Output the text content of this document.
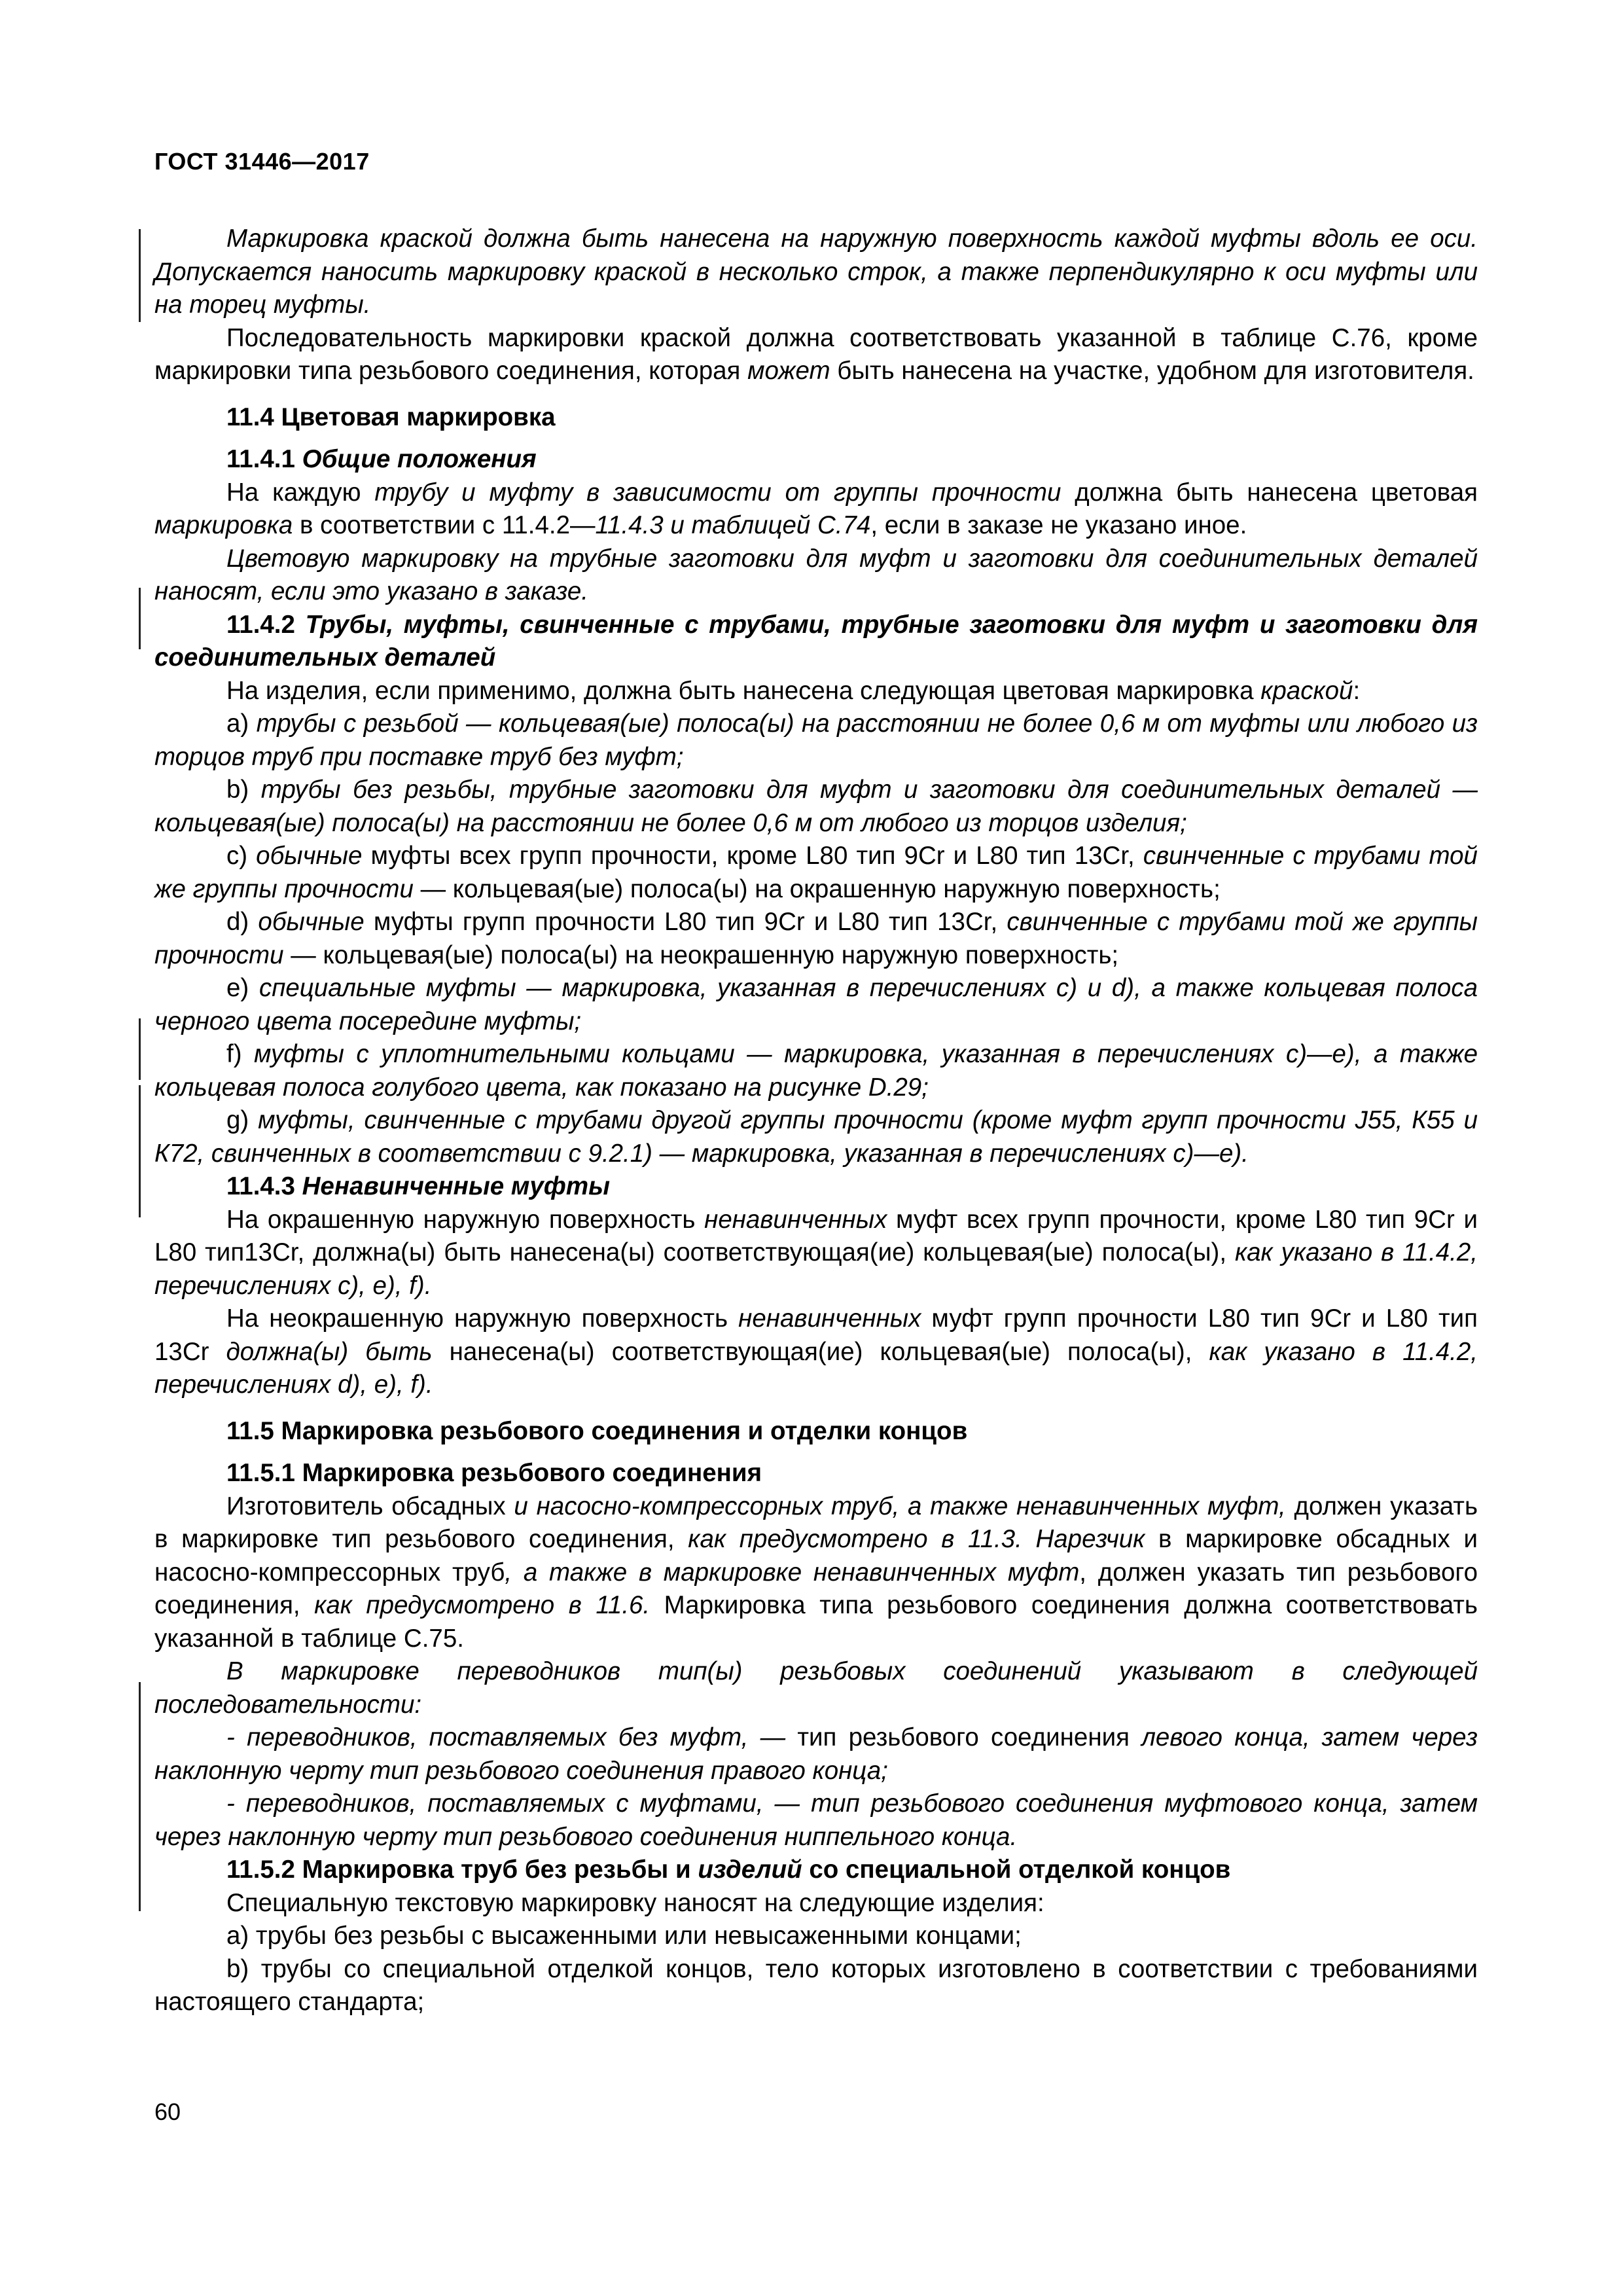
ГОСТ 31446—2017

Маркировка краской должна быть нанесена на наружную поверхность каждой муфты вдоль ее оси. Допускается наносить маркировку краской в несколько строк, а также перпендикулярно к оси муфты или на торец муфты.

Последовательность маркировки краской должна соответствовать указанной в таблице С.76, кроме маркировки типа резьбового соединения, которая может быть нанесена на участке, удобном для изготовителя.

11.4 Цветовая маркировка

11.4.1 Общие положения

На каждую трубу и муфту в зависимости от группы прочности должна быть нанесена цветовая маркировка в соответствии с 11.4.2—11.4.3 и таблицей С.74, если в заказе не указано иное.

Цветовую маркировку на трубные заготовки для муфт и заготовки для соединительных деталей наносят, если это указано в заказе.

11.4.2 Трубы, муфты, свинченные с трубами, трубные заготовки для муфт и заготовки для соединительных деталей

На изделия, если применимо, должна быть нанесена следующая цветовая маркировка краской:

а) трубы с резьбой — кольцевая(ые) полоса(ы) на расстоянии не более 0,6 м от муфты или любого из торцов труб при поставке труб без муфт;

b) трубы без резьбы, трубные заготовки для муфт и заготовки для соединительных деталей — кольцевая(ые) полоса(ы) на расстоянии не более 0,6 м от любого из торцов изделия;

с) обычные муфты всех групп прочности, кроме L80 тип 9Cr и L80 тип 13Cr, свинченные с трубами той же группы прочности — кольцевая(ые) полоса(ы) на окрашенную наружную поверхность;

d) обычные муфты групп прочности L80 тип 9Cr и L80 тип 13Cr, свинченные с трубами той же группы прочности — кольцевая(ые) полоса(ы) на неокрашенную наружную поверхность;

е) специальные муфты — маркировка, указанная в перечислениях с) и d), а также кольцевая полоса черного цвета посередине муфты;

f) муфты с уплотнительными кольцами — маркировка, указанная в перечислениях с)—е), а также кольцевая полоса голубого цвета, как показано на рисунке D.29;

g) муфты, свинченные с трубами другой группы прочности (кроме муфт групп прочности J55, К55 и К72, свинченных в соответствии с 9.2.1) — маркировка, указанная в перечислениях с)—е).

11.4.3 Ненавинченные муфты

На окрашенную наружную поверхность ненавинченных муфт всех групп прочности, кроме L80 тип 9Cr и L80 тип13Cr, должна(ы) быть нанесена(ы) соответствующая(ие) кольцевая(ые) полоса(ы), как указано в 11.4.2, перечислениях с), е), f).

На неокрашенную наружную поверхность ненавинченных муфт групп прочности L80 тип 9Cr и L80 тип 13Cr должна(ы) быть нанесена(ы) соответствующая(ие) кольцевая(ые) полоса(ы), как указано в 11.4.2, перечислениях d), е), f).

11.5 Маркировка резьбового соединения и отделки концов

11.5.1 Маркировка резьбового соединения

Изготовитель обсадных и насосно-компрессорных труб, а также ненавинченных муфт, должен указать в маркировке тип резьбового соединения, как предусмотрено в 11.3. Нарезчик в маркировке обсадных и насосно-компрессорных труб, а также в маркировке ненавинченных муфт, должен указать тип резьбового соединения, как предусмотрено в 11.6. Маркировка типа резьбового соединения должна соответствовать указанной в таблице С.75.

В маркировке переводников тип(ы) резьбовых соединений указывают в следующей последовательности:

- переводников, поставляемых без муфт, — тип резьбового соединения левого конца, затем через наклонную черту тип резьбового соединения правого конца;

- переводников, поставляемых с муфтами, — тип резьбового соединения муфтового конца, затем через наклонную черту тип резьбового соединения ниппельного конца.

11.5.2 Маркировка труб без резьбы и изделий со специальной отделкой концов

Специальную текстовую маркировку наносят на следующие изделия:

а) трубы без резьбы с высаженными или невысаженными концами;

b) трубы со специальной отделкой концов, тело которых изготовлено в соответствии с требованиями настоящего стандарта;

60
